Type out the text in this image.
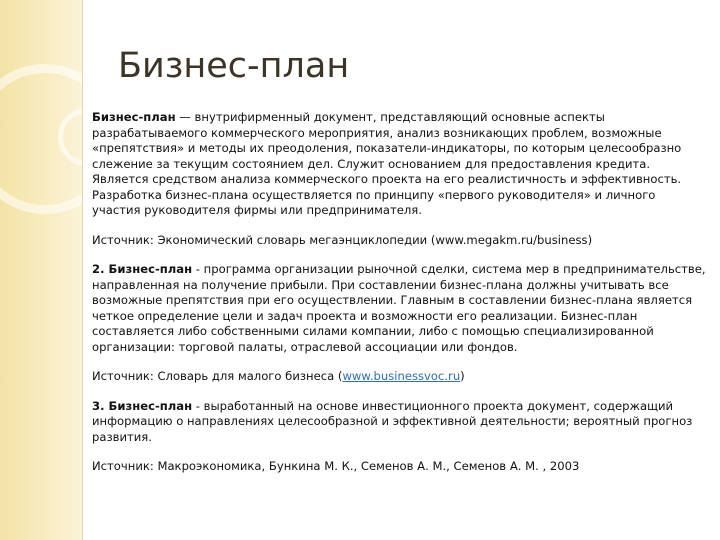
Бизнес-план

Бизнес-план — внутрифирменный документ, представляющий основные аспекты разрабатываемого коммерческого мероприятия, анализ возникающих проблем, возможные «препятствия» и методы их преодоления, показатели-индикаторы, по которым целесообразно слежение за текущим состоянием дел. Служит основанием для предоставления кредита. Является средством анализа коммерческого проекта на его реалистичность и эффективность. Разработка бизнес-плана осуществляется по принципу «первого руководителя» и личного участия руководителя фирмы или предпринимателя.

Источник: Экономический словарь мегаэнциклопедии (www.megakm.ru/business)

2. Бизнес-план - программа организации рыночной сделки, система мер в предпринимательстве, направленная на получение прибыли. При составлении бизнес-плана должны учитывать все возможные препятствия при его осуществлении. Главным в составлении бизнес-плана является четкое определение цели и задач проекта и возможности его реализации. Бизнес-план составляется либо собственными силами компании, либо с помощью специализированной организации: торговой палаты, отраслевой ассоциации или фондов.

Источник: Словарь для малого бизнеса (www.businessvoc.ru)

3. Бизнес-план - выработанный на основе инвестиционного проекта документ, содержащий информацию о направлениях целесообразной и эффективной деятельности; вероятный прогноз развития.

Источник: Макроэкономика, Бункина М. К., Семенов А. М., Семенов А. М. , 2003
